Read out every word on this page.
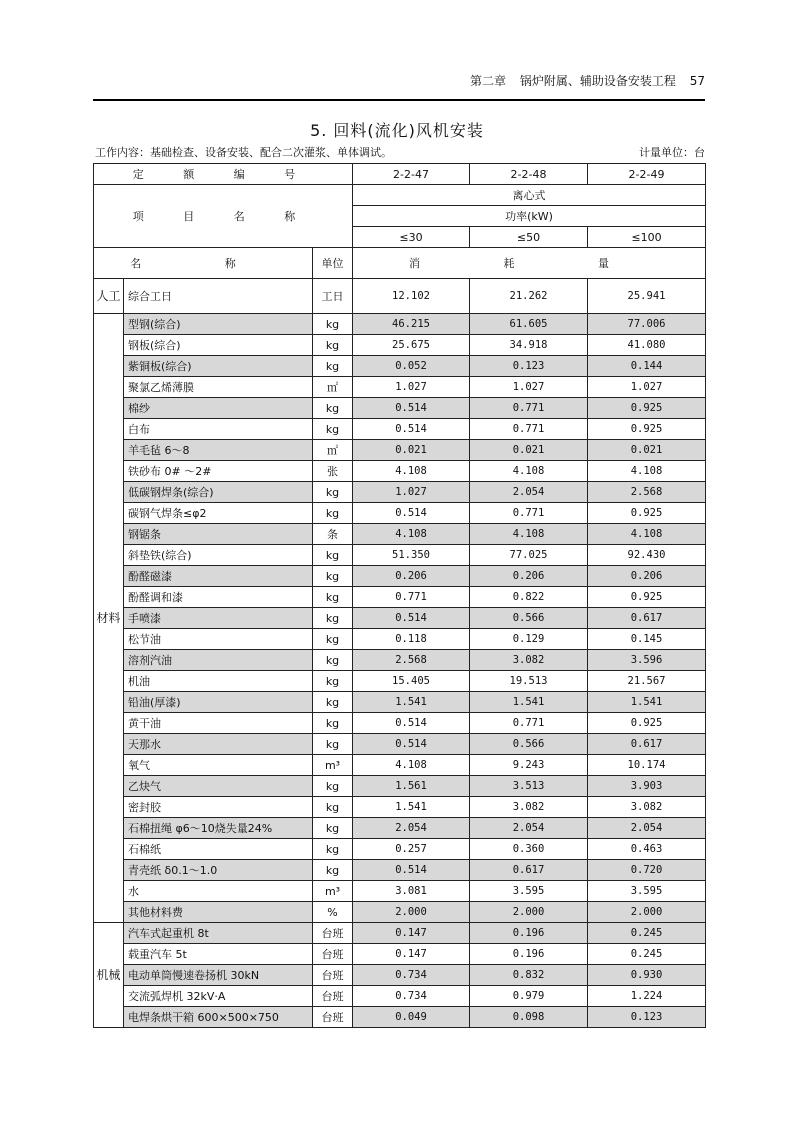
第二章 锅炉附属、辅助设备安装工程 57
5. 回料(流化)风机安装
工作内容：基础检查、设备安装、配合二次灌浆、单体调试。	计量单位：台
定 额 编 号			2-2-47	2-2-48	2-2-49
项 目 名 称			离心式		
			功率(kW)		
			≤30	≤50	≤100
名 称		单位	消 耗 量		
人工	综合工日	工日	12.102	21.262	25.941
材料	型钢(综合)	kg	46.215	61.605	77.006
	钢板(综合)	kg	25.675	34.918	41.080
	紫铜板(综合)	kg	0.052	0.123	0.144
	聚氯乙烯薄膜	㎡	1.027	1.027	1.027
	棉纱	kg	0.514	0.771	0.925
	白布	kg	0.514	0.771	0.925
	羊毛毡 6～8	㎡	0.021	0.021	0.021
	铁砂布 0# ～2#	张	4.108	4.108	4.108
	低碳钢焊条(综合)	kg	1.027	2.054	2.568
	碳钢气焊条≤φ2	kg	0.514	0.771	0.925
	钢锯条	条	4.108	4.108	4.108
	斜垫铁(综合)	kg	51.350	77.025	92.430
	酚醛磁漆	kg	0.206	0.206	0.206
	酚醛调和漆	kg	0.771	0.822	0.925
	手喷漆	kg	0.514	0.566	0.617
	松节油	kg	0.118	0.129	0.145
	溶剂汽油	kg	2.568	3.082	3.596
	机油	kg	15.405	19.513	21.567
	铅油(厚漆)	kg	1.541	1.541	1.541
	黄干油	kg	0.514	0.771	0.925
	天那水	kg	0.514	0.566	0.617
	氧气	m³	4.108	9.243	10.174
	乙炔气	kg	1.561	3.513	3.903
	密封胶	kg	1.541	3.082	3.082
	石棉扭绳 φ6～10烧失量24%	kg	2.054	2.054	2.054
	石棉纸	kg	0.257	0.360	0.463
	青壳纸 δ0.1～1.0	kg	0.514	0.617	0.720
	水	m³	3.081	3.595	3.595
	其他材料费	%	2.000	2.000	2.000
机械	汽车式起重机 8t	台班	0.147	0.196	0.245
	载重汽车 5t	台班	0.147	0.196	0.245
	电动单筒慢速卷扬机 30kN	台班	0.734	0.832	0.930
	交流弧焊机 32kV·A	台班	0.734	0.979	1.224
	电焊条烘干箱 600×500×750	台班	0.049	0.098	0.123
